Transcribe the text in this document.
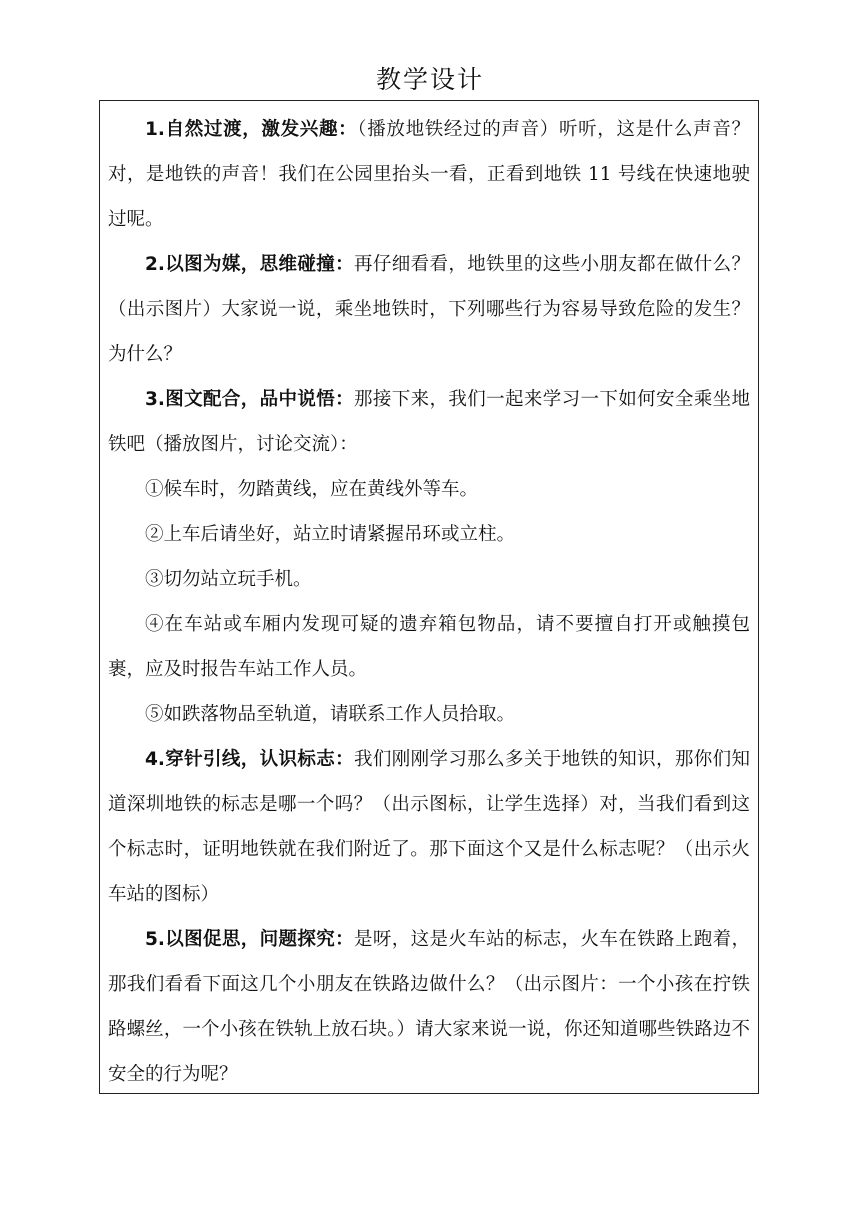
教学设计

1.自然过渡，激发兴趣：（播放地铁经过的声音）听听，这是什么声音？对，是地铁的声音！我们在公园里抬头一看，正看到地铁 11 号线在快速地驶过呢。

2.以图为媒，思维碰撞：再仔细看看，地铁里的这些小朋友都在做什么？（出示图片）大家说一说，乘坐地铁时，下列哪些行为容易导致危险的发生？为什么？

3.图文配合，品中说悟：那接下来，我们一起来学习一下如何安全乘坐地铁吧（播放图片，讨论交流）：

①候车时，勿踏黄线，应在黄线外等车。

②上车后请坐好，站立时请紧握吊环或立柱。

③切勿站立玩手机。

④在车站或车厢内发现可疑的遗弃箱包物品，请不要擅自打开或触摸包裹，应及时报告车站工作人员。

⑤如跌落物品至轨道，请联系工作人员拾取。

4.穿针引线，认识标志：我们刚刚学习那么多关于地铁的知识，那你们知道深圳地铁的标志是哪一个吗？（出示图标，让学生选择）对，当我们看到这个标志时，证明地铁就在我们附近了。那下面这个又是什么标志呢？（出示火车站的图标）

5.以图促思，问题探究：是呀，这是火车站的标志，火车在铁路上跑着，那我们看看下面这几个小朋友在铁路边做什么？（出示图片：一个小孩在拧铁路螺丝，一个小孩在铁轨上放石块。）请大家来说一说，你还知道哪些铁路边不安全的行为呢？
